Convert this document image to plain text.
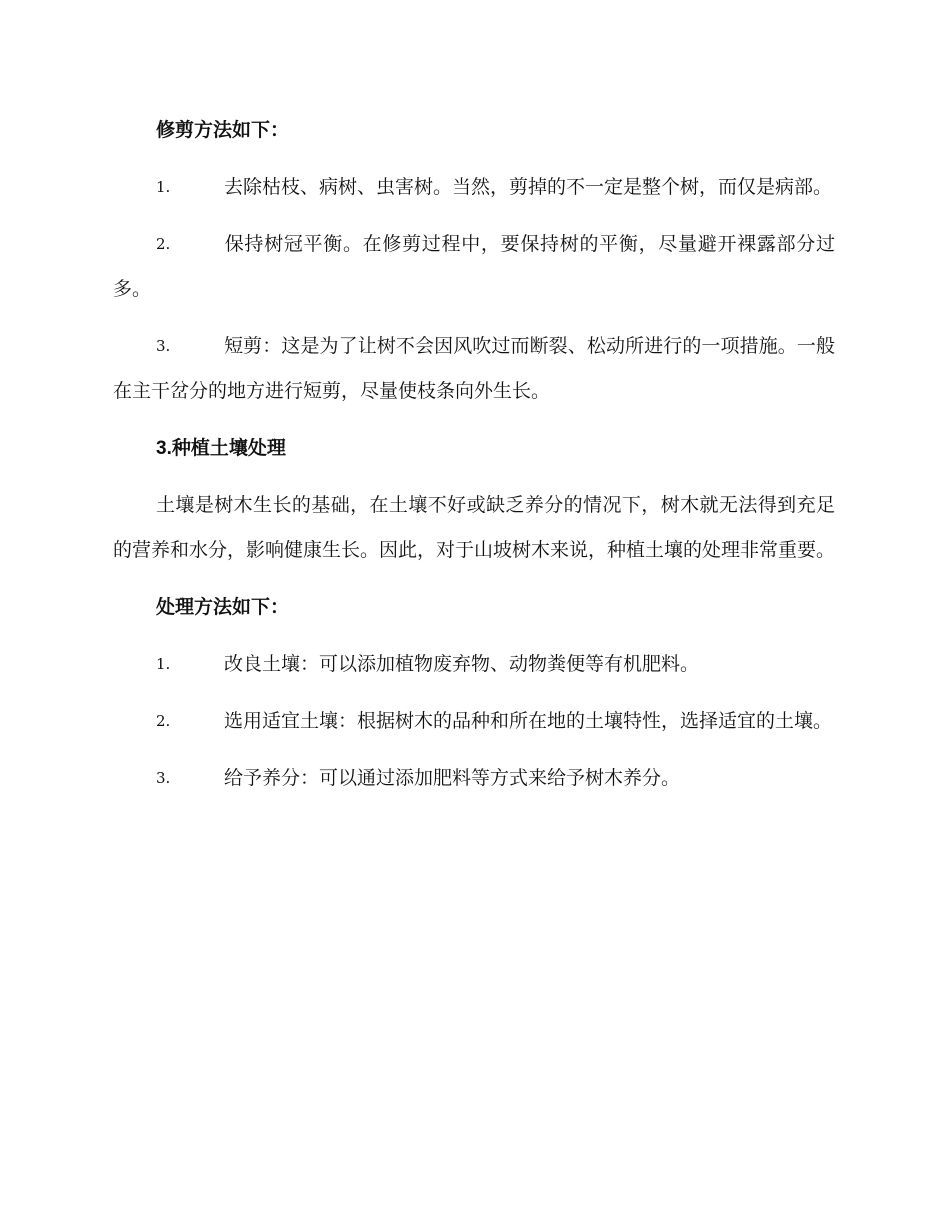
修剪方法如下：
1.	去除枯枝、病树、虫害树。当然，剪掉的不一定是整个树，而仅是病部。
2.	保持树冠平衡。在修剪过程中，要保持树的平衡，尽量避开裸露部分过多。
3.	短剪：这是为了让树不会因风吹过而断裂、松动所进行的一项措施。一般在主干岔分的地方进行短剪，尽量使枝条向外生长。
3.种植土壤处理
土壤是树木生长的基础，在土壤不好或缺乏养分的情况下，树木就无法得到充足的营养和水分，影响健康生长。因此，对于山坡树木来说，种植土壤的处理非常重要。
处理方法如下：
1.	改良土壤：可以添加植物废弃物、动物粪便等有机肥料。
2.	选用适宜土壤：根据树木的品种和所在地的土壤特性，选择适宜的土壤。
3.	给予养分：可以通过添加肥料等方式来给予树木养分。
